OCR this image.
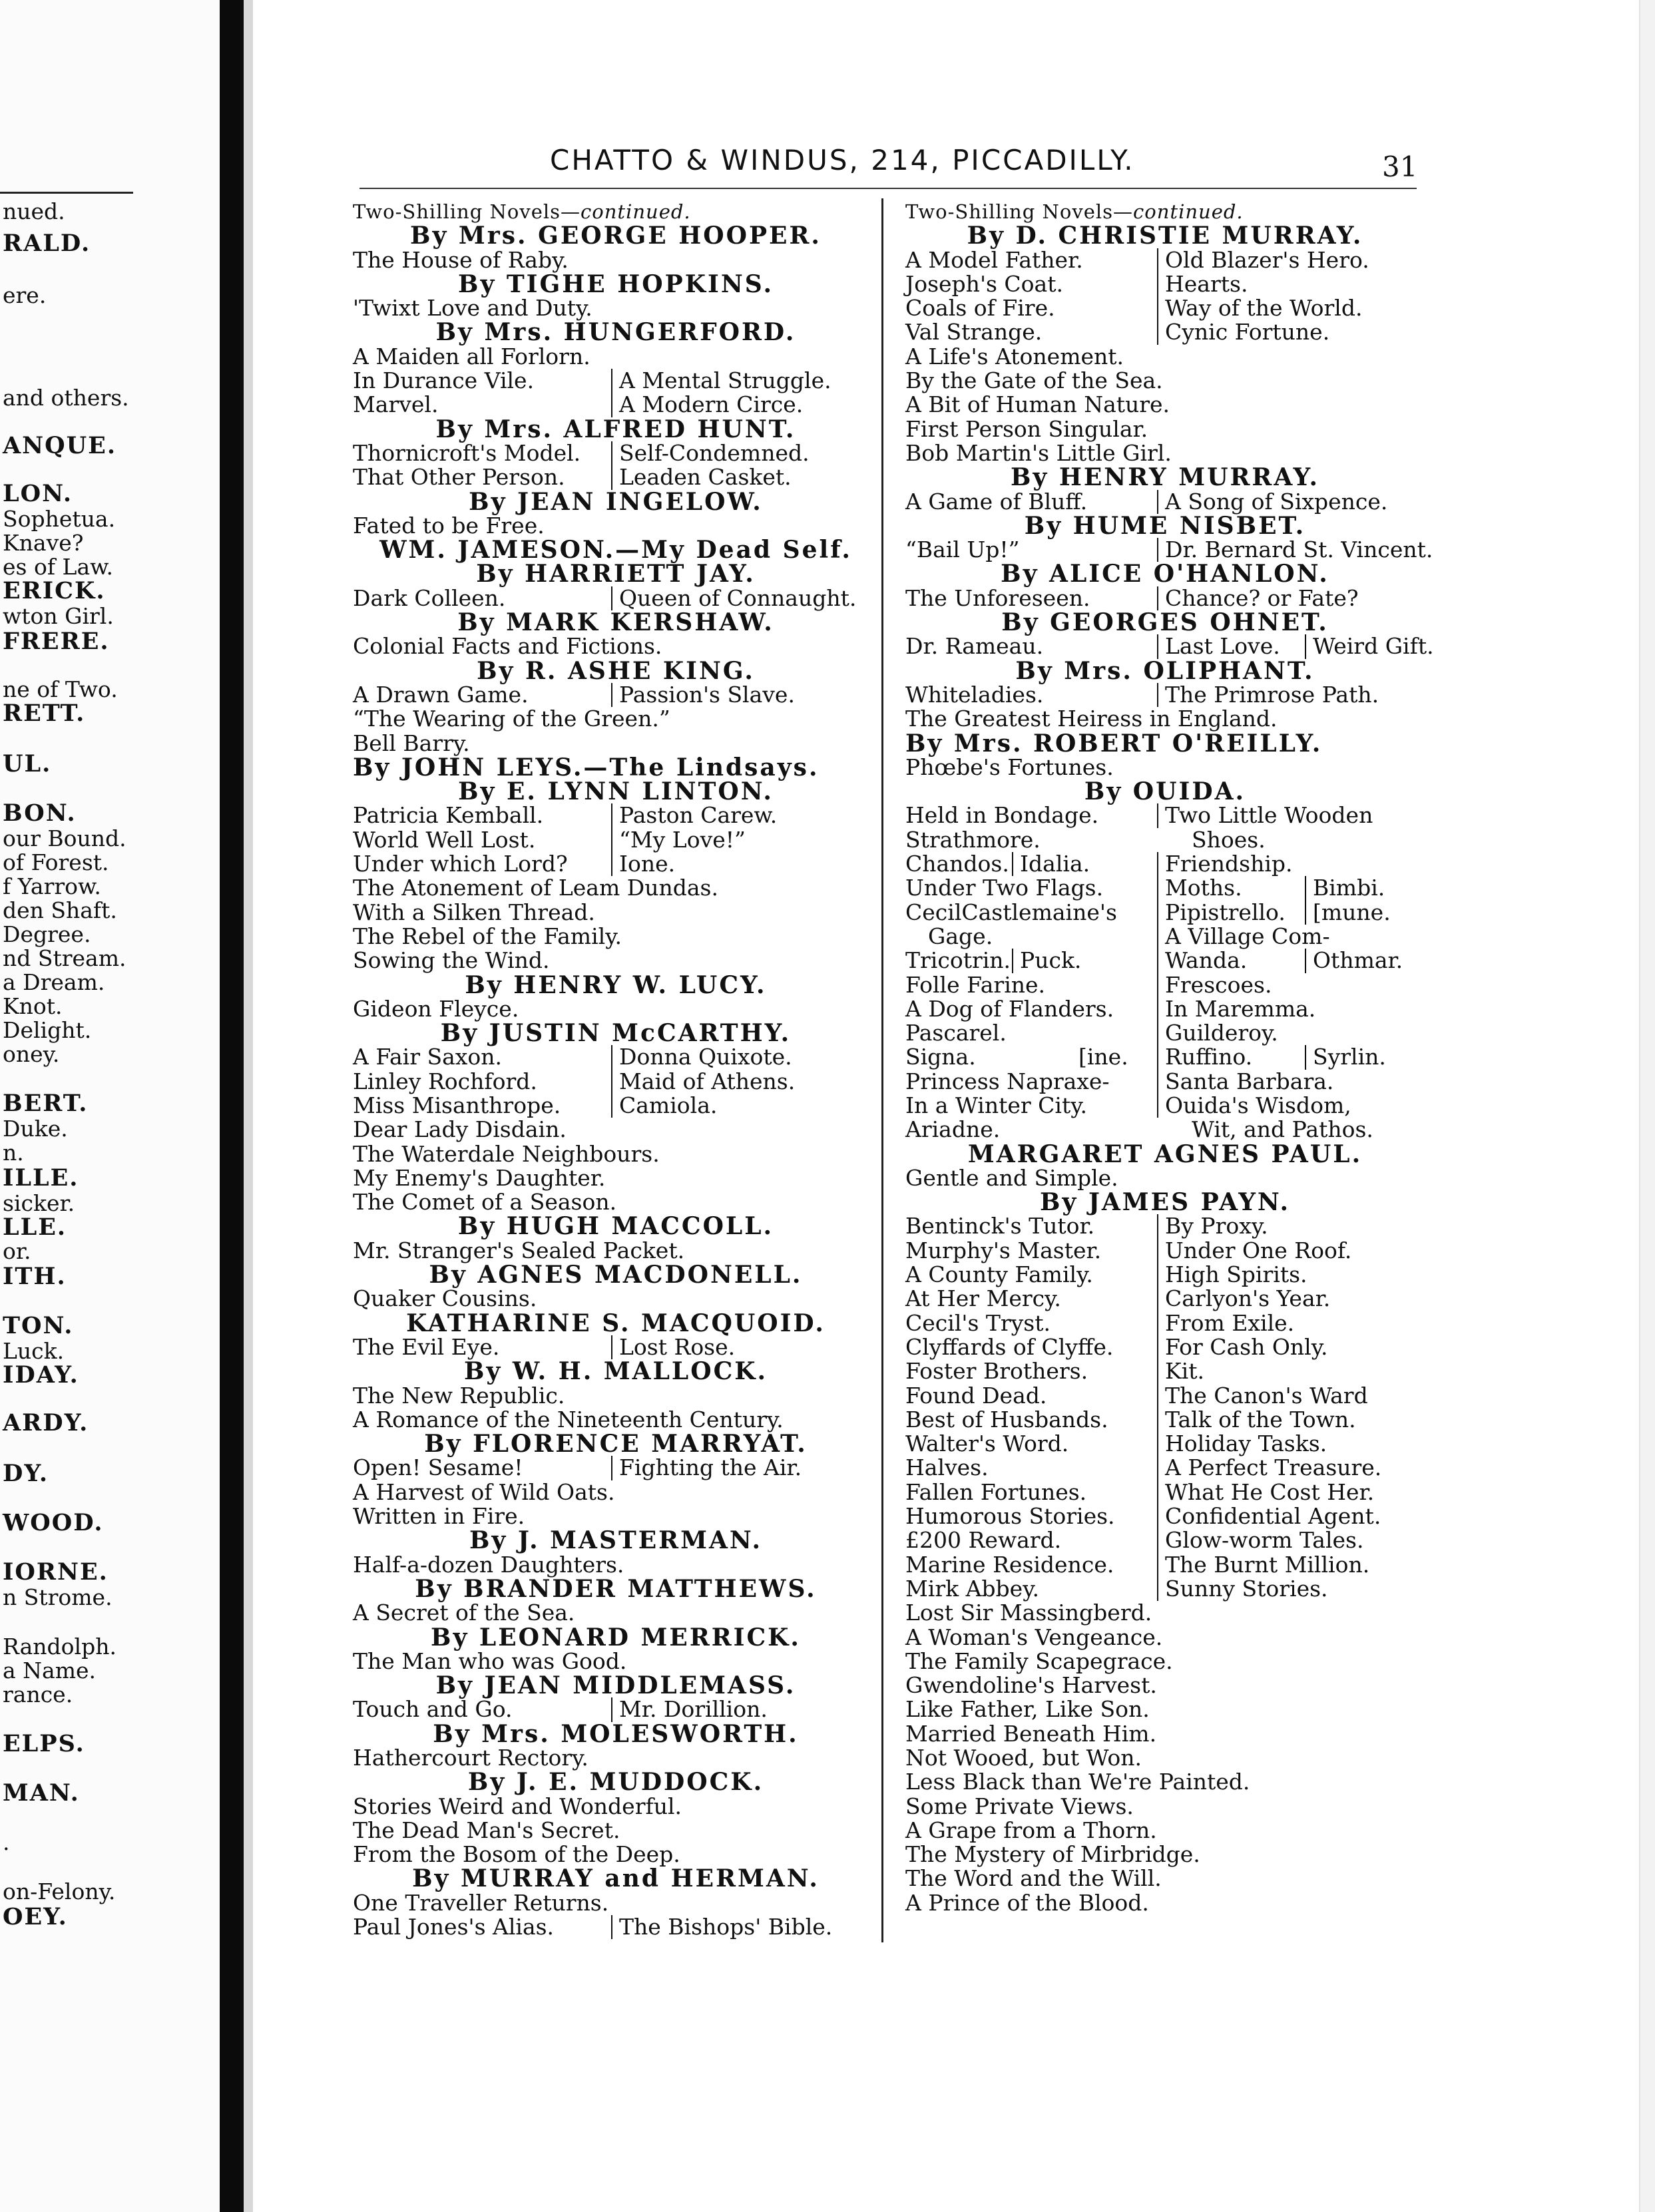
nued.
RALD.
ere.
and others.
ANQUE.
LON.
Sophetua.
Knave?
es of Law.
ERICK.
wton Girl.
FRERE.
ne of Two.
RETT.
UL.
BON.
our Bound.
of Forest.
f Yarrow.
den Shaft.
Degree.
nd Stream.
a Dream.
Knot.
Delight.
oney.
BERT.
Duke.
n.
ILLE.
sicker.
LLE.
or.
ITH.
TON.
Luck.
IDAY.
ARDY.
DY.
WOOD.
IORNE.
n Strome.
Randolph.
a Name.
rance.
ELPS.
MAN.
.
on-Felony.
OEY.
CHATTO & WINDUS, 214, PICCADILLY.	31
Two-Shilling Novels—continued.
By Mrs. GEORGE HOOPER.
The House of Raby.
By TIGHE HOPKINS.
'Twixt Love and Duty.
By Mrs. HUNGERFORD.
A Maiden all Forlorn.
In Durance Vile.	A Mental Struggle.
Marvel.	A Modern Circe.
By Mrs. ALFRED HUNT.
Thornicroft's Model.	Self-Condemned.
That Other Person.	Leaden Casket.
By JEAN INGELOW.
Fated to be Free.
WM. JAMESON.—My Dead Self.
By HARRIETT JAY.
Dark Colleen.	Queen of Connaught.
By MARK KERSHAW.
Colonial Facts and Fictions.
By R. ASHE KING.
A Drawn Game.	Passion's Slave.
“The Wearing of the Green.”
Bell Barry.
By JOHN LEYS.—The Lindsays.
By E. LYNN LINTON.
Patricia Kemball.	Paston Carew.
World Well Lost.	“My Love!”
Under which Lord?	Ione.
The Atonement of Leam Dundas.
With a Silken Thread.
The Rebel of the Family.
Sowing the Wind.
By HENRY W. LUCY.
Gideon Fleyce.
By JUSTIN McCARTHY.
A Fair Saxon.	Donna Quixote.
Linley Rochford.	Maid of Athens.
Miss Misanthrope.	Camiola.
Dear Lady Disdain.
The Waterdale Neighbours.
My Enemy's Daughter.
The Comet of a Season.
By HUGH MACCOLL.
Mr. Stranger's Sealed Packet.
By AGNES MACDONELL.
Quaker Cousins.
KATHARINE S. MACQUOID.
The Evil Eye.	Lost Rose.
By W. H. MALLOCK.
The New Republic.
A Romance of the Nineteenth Century.
By FLORENCE MARRYAT.
Open! Sesame!	Fighting the Air.
A Harvest of Wild Oats.
Written in Fire.
By J. MASTERMAN.
Half-a-dozen Daughters.
By BRANDER MATTHEWS.
A Secret of the Sea.
By LEONARD MERRICK.
The Man who was Good.
By JEAN MIDDLEMASS.
Touch and Go.	Mr. Dorillion.
By Mrs. MOLESWORTH.
Hathercourt Rectory.
By J. E. MUDDOCK.
Stories Weird and Wonderful.
The Dead Man's Secret.
From the Bosom of the Deep.
By MURRAY and HERMAN.
One Traveller Returns.
Paul Jones's Alias.	The Bishops' Bible.
Two-Shilling Novels—continued.
By D. CHRISTIE MURRAY.
A Model Father.	Old Blazer's Hero.
Joseph's Coat.	Hearts.
Coals of Fire.	Way of the World.
Val Strange.	Cynic Fortune.
A Life's Atonement.
By the Gate of the Sea.
A Bit of Human Nature.
First Person Singular.
Bob Martin's Little Girl.
By HENRY MURRAY.
A Game of Bluff.	A Song of Sixpence.
By HUME NISBET.
“Bail Up!”	Dr. Bernard St. Vincent.
By ALICE O'HANLON.
The Unforeseen.	Chance? or Fate?
By GEORGES OHNET.
Dr. Rameau.	Last Love.	Weird Gift.
By Mrs. OLIPHANT.
Whiteladies.	The Primrose Path.
The Greatest Heiress in England.
By Mrs. ROBERT O'REILLY.
Phœbe's Fortunes.
By OUIDA.
Held in Bondage.	Two Little Wooden
Strathmore.	Shoes.
Chandos. Idalia.	Friendship.
Under Two Flags.	Moths.	Bimbi.
CecilCastlemaine's	Pipistrello.	[mune.
Gage.	A Village Com-
Tricotrin. Puck.	Wanda.	Othmar.
Folle Farine.	Frescoes.
A Dog of Flanders.	In Maremma.
Pascarel.	Guilderoy.
Signa.	[ine.	Ruffino.	Syrlin.
Princess Napraxe-	Santa Barbara.
In a Winter City.	Ouida's Wisdom,
Ariadne.	Wit, and Pathos.
MARGARET AGNES PAUL.
Gentle and Simple.
By JAMES PAYN.
Bentinck's Tutor.	By Proxy.
Murphy's Master.	Under One Roof.
A County Family.	High Spirits.
At Her Mercy.	Carlyon's Year.
Cecil's Tryst.	From Exile.
Clyffards of Clyffe.	For Cash Only.
Foster Brothers.	Kit.
Found Dead.	The Canon's Ward
Best of Husbands.	Talk of the Town.
Walter's Word.	Holiday Tasks.
Halves.	A Perfect Treasure.
Fallen Fortunes.	What He Cost Her.
Humorous Stories.	Confidential Agent.
£200 Reward.	Glow-worm Tales.
Marine Residence.	The Burnt Million.
Mirk Abbey.	Sunny Stories.
Lost Sir Massingberd.
A Woman's Vengeance.
The Family Scapegrace.
Gwendoline's Harvest.
Like Father, Like Son.
Married Beneath Him.
Not Wooed, but Won.
Less Black than We're Painted.
Some Private Views.
A Grape from a Thorn.
The Mystery of Mirbridge.
The Word and the Will.
A Prince of the Blood.
